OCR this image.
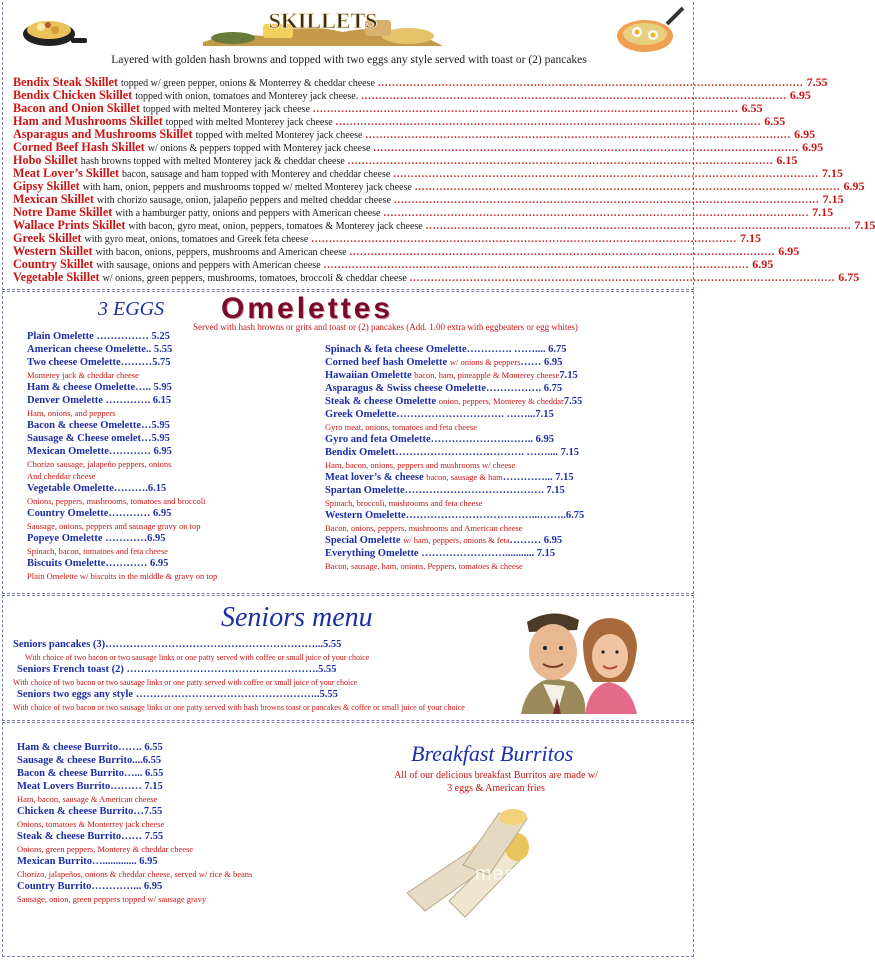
SKILLETS
Layered with golden hash browns and topped with two eggs any style served with toast or (2) pancakes
Bendix Steak Skillet topped w/ green pepper, onions & Monterrey & cheddar cheese ........................................................................................................................ 7.55
Bendix Chicken Skillet topped with onion, tomatoes and Monterey jack cheese. ........................................................................................................................ 6.95
Bacon and Onion Skillet topped with melted Monterey jack cheese ........................................................................................................................ 6.55
Ham and Mushrooms Skillet topped with melted Monterey jack cheese ........................................................................................................................ 6.55
Asparagus and Mushrooms Skillet topped with melted Monterey jack cheese ........................................................................................................................ 6.95
Corned Beef Hash Skillet w/ onions & peppers topped with Monterey jack cheese ........................................................................................................................ 6.95
Hobo Skillet hash browns topped with melted Monterey jack & cheddar cheese ........................................................................................................................ 6.15
Meat Lover’s Skillet bacon, sausage and ham topped with Monterey and cheddar cheese ........................................................................................................................ 7.15
Gipsy Skillet with ham, onion, peppers and mushrooms topped w/ melted Monterey jack cheese ........................................................................................................................ 6.95
Mexican Skillet with chorizo sausage, onion, jalapeño peppers and melted cheddar cheese ........................................................................................................................ 7.15
Notre Dame Skillet with a hamburger patty, onions and peppers with American cheese ........................................................................................................................ 7.15
Wallace Prints Skillet with bacon, gyro meat, onion, peppers, tomatoes & Monterey jack cheese ........................................................................................................................ 7.15
Greek Skillet with gyro meat, onions, tomatoes and Greek feta cheese ........................................................................................................................ 7.15
Western Skillet with bacon, onions, peppers, mushrooms and American cheese ........................................................................................................................ 6.95
Country Skillet with sausage, onions and peppers with American cheese ........................................................................................................................ 6.95
Vegetable Skillet w/ onions, green peppers, mushrooms, tomatoes, broccoli & cheddar cheese ........................................................................................................................ 6.75
3 EGGS Omelettes
Served with hash browns or grits and toast or (2) pancakes (Add. 1.00 extra with eggbeaters or egg whites)
Plain Omelette …………… 5.25
American cheese Omelette.. 5.55
Two cheese Omelette………5.75
Monterey jack & cheddar cheese
Ham & cheese Omelette….. 5.95
Denver Omelette …………. 6.15
Ham, onions, and peppers
Bacon & cheese Omelette…5.95
Sausage & Cheese omelet…5.95
Mexican Omelette………… 6.95
Chorizo sausage, jalapeño peppers, onions
And cheddar cheese
Vegetable Omelette……….6.15
Onions, peppers, mushrooms, tomatoes and broccoli
Country Omelette………… 6.95
Sausage, onions, peppers and sausage gravy on top
Popeye Omelette …………6.95
Spinach, bacon, tomatoes and feta cheese
Biscuits Omelette………… 6.95
Plain Omelette w/ biscuits in the middle & gravy on top
Spinach & feta cheese Omelette…………. …….... 6.75
Corned beef hash Omelette w/ onions & peppers…… 6.95
Hawaiian Omelette bacon, ham, pineapple & Monterey cheese7.15
Asparagus & Swiss cheese Omelette……………. 6.75
Steak & cheese Omelette onion, peppers, Monterey & cheddar7.55
Greek Omelette…………………………. ……...7.15
Gyro meat, onions, tomatoes and feta cheese
Gyro and feta Omelette………………….…….. 6.95
Bendix Omelett………………………………. …….... 7.15
Ham, bacon, onions, peppers and mushrooms w/ cheese
Meat lover’s & cheese bacon, sausage & ham…………... 7.15
Spartan Omelette…………………………………. 7.15
Spinach, broccoli, mushrooms and feta cheese
Western Omelette………………………………...……..6.75
Bacon, onions, peppers, mushrooms and American cheese
Special Omelette w/ ham, peppers, onions & feta……… 6.95
Everything Omelette ……………………........... 7.15
Bacon, sausage, ham, onions, Peppers, tomatoes & cheese
Seniors menu
Seniors pancakes (3)……………………………………………………...5.55
With choice of two bacon or two sausage links or one patty served with coffee or small juice of your choice
Seniors French toast (2) ……………………………………………….5.55
With choice of two bacon or two sausage links or one patty served with coffee or small juice of your choice
Seniors two eggs any style ……………………………………………..5.55
With choice of two bacon or two sausage links or one patty served with hash browns toast or pancakes & coffee or small juice of your choice
Ham & cheese Burrito……. 6.55
Sausage & cheese Burrito....6.55
Bacon & cheese Burrito…... 6.55
Meat Lovers Burrito……… 7.15
Ham, bacon, sausage & American cheese
Chicken & cheese Burrito…7.55
Onions, tomatoes & Monterrey jack cheese
Steak & cheese Burrito…… 7.55
Onions, green peppers, Monterey & cheddar cheese
Mexican Burrito…............. 6.95
Chorizo, jalapeños, onions & cheddar cheese, served w/ rice & beans
Country Burrito…………... 6.95
Sausage, onion, green peppers topped w/ sausage gravy
Breakfast Burritos
All of our delicious breakfast Burritos are made w/
3 eggs & American fries
menupix
